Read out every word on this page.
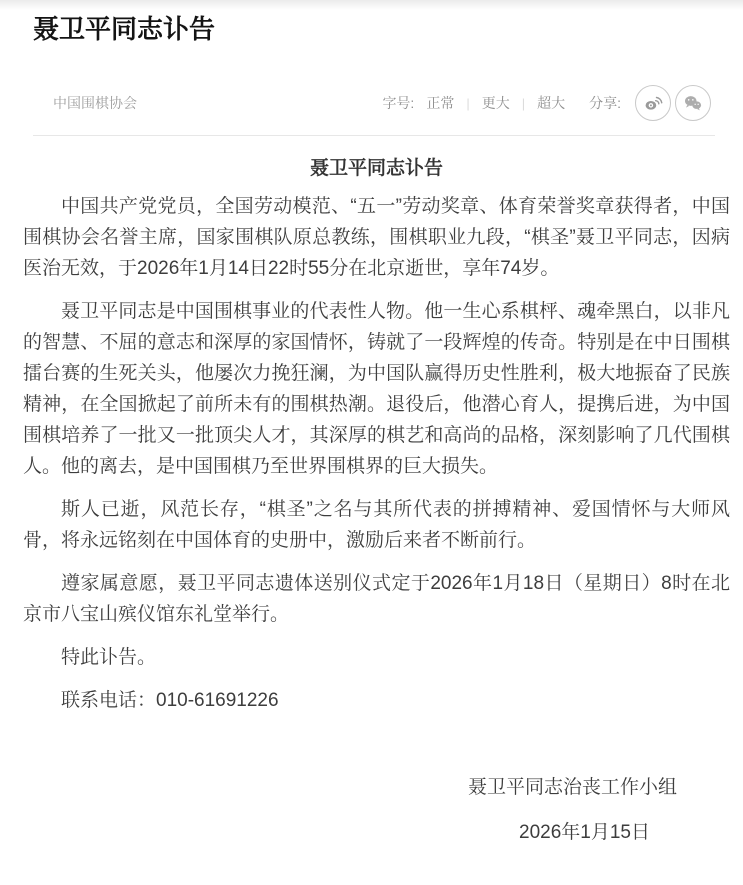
聂卫平同志讣告
中国围棋协会	字号: 正常 | 更大 | 超大 分享:
聂卫平同志讣告

中国共产党党员，全国劳动模范、“五一”劳动奖章、体育荣誉奖章获得者，中国围棋协会名誉主席，国家围棋队原总教练，围棋职业九段，“棋圣”聂卫平同志，因病医治无效，于2026年1月14日22时55分在北京逝世，享年74岁。

聂卫平同志是中国围棋事业的代表性人物。他一生心系棋枰、魂牵黑白，以非凡的智慧、不屈的意志和深厚的家国情怀，铸就了一段辉煌的传奇。特别是在中日围棋擂台赛的生死关头，他屡次力挽狂澜，为中国队赢得历史性胜利，极大地振奋了民族精神，在全国掀起了前所未有的围棋热潮。退役后，他潜心育人，提携后进，为中国围棋培养了一批又一批顶尖人才，其深厚的棋艺和高尚的品格，深刻影响了几代围棋人。他的离去，是中国围棋乃至世界围棋界的巨大损失。

斯人已逝，风范长存，“棋圣”之名与其所代表的拼搏精神、爱国情怀与大师风骨，将永远铭刻在中国体育的史册中，激励后来者不断前行。

遵家属意愿，聂卫平同志遗体送别仪式定于2026年1月18日（星期日）8时在北京市八宝山殡仪馆东礼堂举行。

特此讣告。

联系电话：010-61691226

聂卫平同志治丧工作小组

2026年1月15日
